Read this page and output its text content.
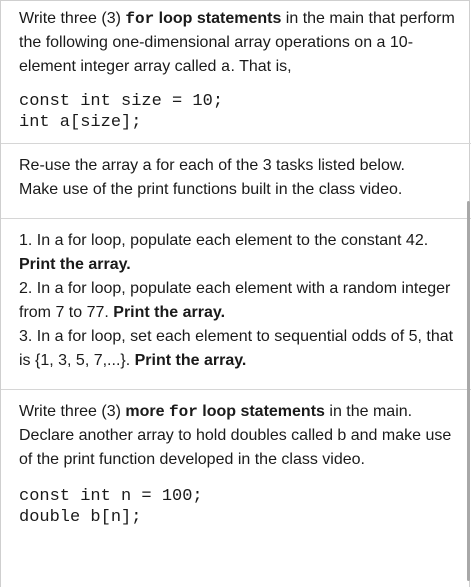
Write three (3) for loop statements in the main that perform the following one-dimensional array operations on a 10-element integer array called a. That is,

const int size = 10;

int a[size];

Re-use the array a for each of the 3 tasks listed below.

Make use of the print functions built in the class video.

1. In a for loop, populate each element to the constant 42. Print the array.

2. In a for loop, populate each element with a random integer from 7 to 77. Print the array.

3. In a for loop, set each element to sequential odds of 5, that is {1, 3, 5, 7,...}. Print the array.

Write three (3) more for loop statements in the main. Declare another array to hold doubles called b and make use of the print function developed in the class video.

const int n = 100;

double b[n];
